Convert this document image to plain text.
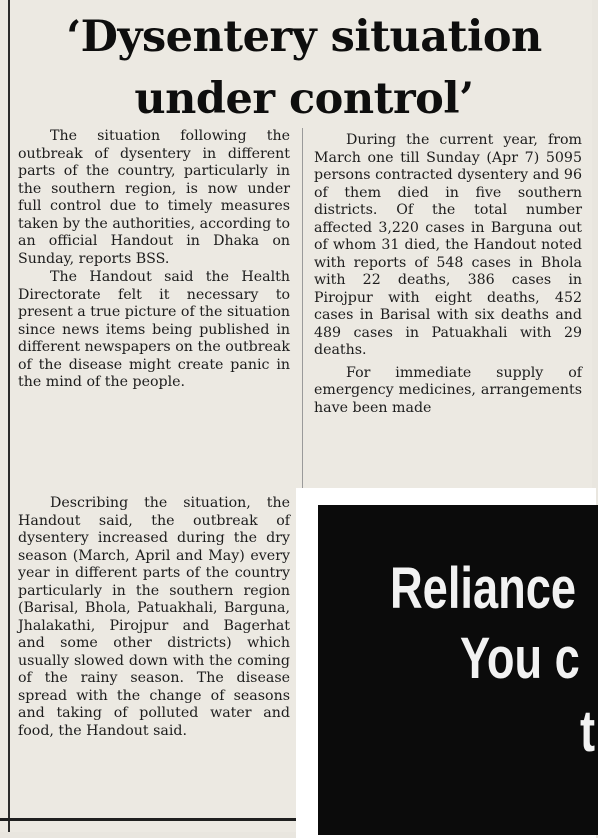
‘Dysentery situation
under control’

The situation following the outbreak of dysentery in different parts of the country, particularly in the southern region, is now under full control due to timely measures taken by the authorities, according to an official Handout in Dhaka on Sunday, reports BSS.

The Handout said the Health Directorate felt it necessary to present a true picture of the situation since news items being published in different newspapers on the outbreak of the disease might create panic in the mind of the people.

During the current year, from March one till Sunday (Apr 7) 5095 persons contracted dysentery and 96 of them died in five southern districts. Of the total number affected 3,220 cases in Barguna out of whom 31 died, the Handout noted with reports of 548 cases in Bhola with 22 deaths, 386 cases in Pirojpur with eight deaths, 452 cases in Barisal with six deaths and 489 cases in Patuakhali with 29 deaths.

For immediate supply of emergency medicines, arrangements have been made

Describing the situation, the Handout said, the outbreak of dysentery increased during the dry season (March, April and May) every year in different parts of the country particularly in the southern region (Barisal, Bhola, Patuakhali, Barguna, Jhalakathi, Pirojpur and Bagerhat and some other districts) which usually slowed down with the coming of the rainy season. The disease spread with the change of seasons and taking of polluted water and food, the Handout said.

Reliance
You c
t
